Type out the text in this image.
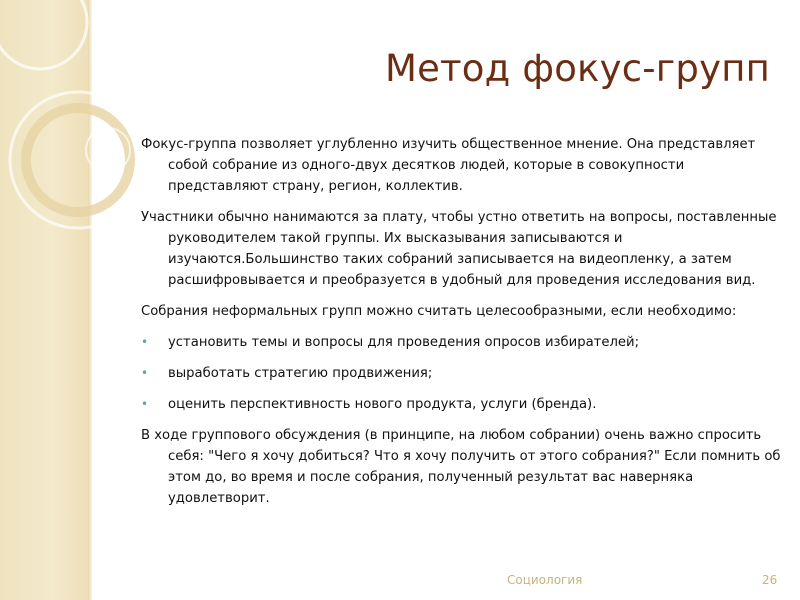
Метод фокус-групп

Фокус-группа позволяет углубленно изучить общественное мнение. Она представляет собой собрание из одного-двух десятков людей, которые в совокупности представляют страну, регион, коллектив.

Участники обычно нанимаются за плату, чтобы устно ответить на вопросы, поставленные руководителем такой группы. Их высказывания записываются и изучаются.Большинство таких собраний записывается на видеопленку, а затем расшифровывается и преобразуется в удобный для проведения исследования вид.

Собрания неформальных групп можно считать целесообразными, если необходимо:

•	установить темы и вопросы для проведения опросов избирателей;
•	выработать стратегию продвижения;
•	оценить перспективность нового продукта, услуги (бренда).

В ходе группового обсуждения (в принципе, на любом собрании) очень важно спросить себя: "Чего я хочу добиться? Что я хочу получить от этого собрания?" Если помнить об этом до, во время и после собрания, полученный результат вас наверняка удовлетворит.

Социология	26
